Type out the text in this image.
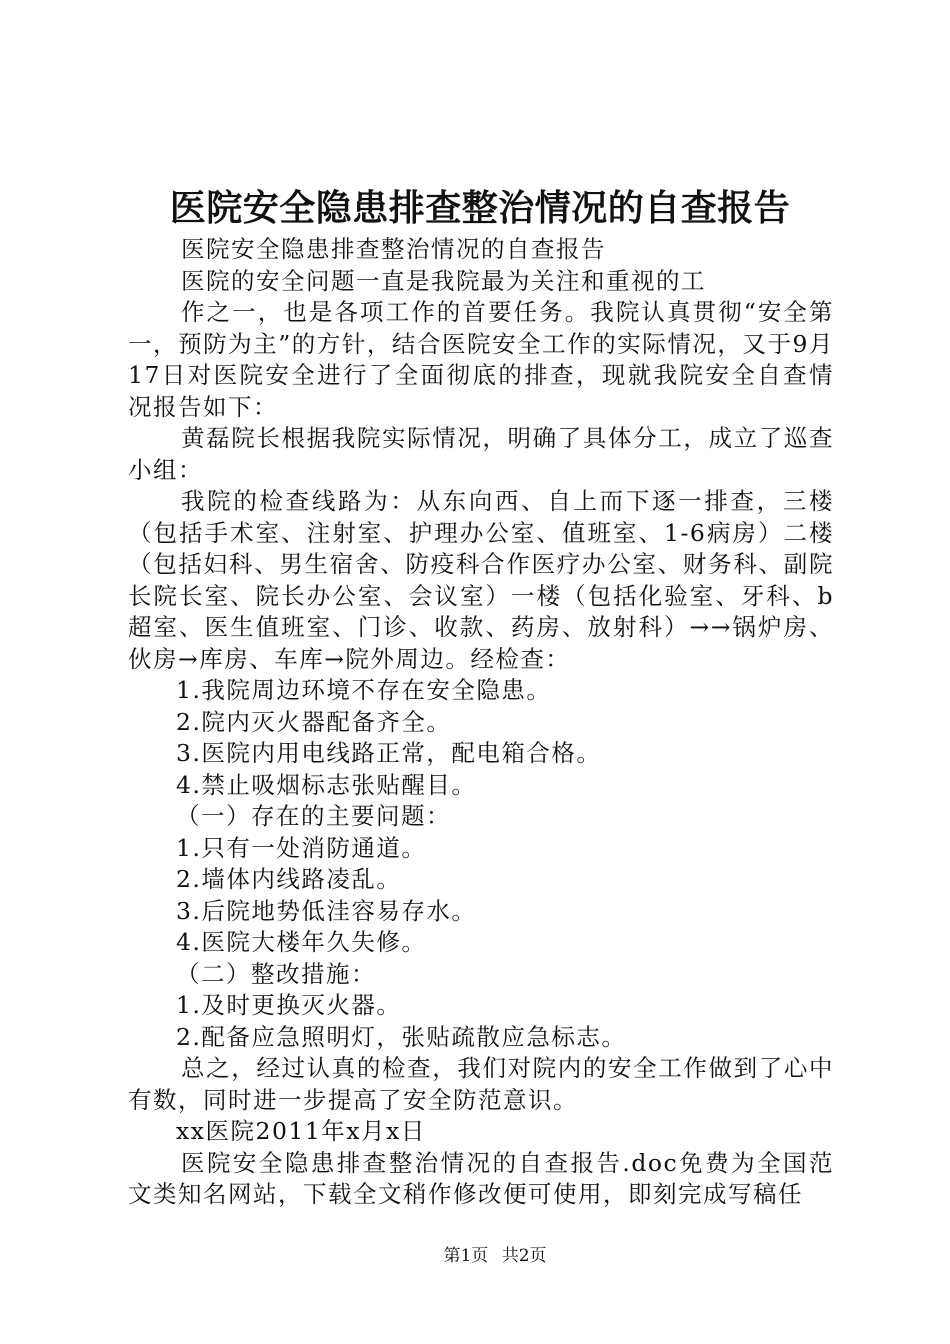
医院安全隐患排查整治情况的自查报告

医院安全隐患排查整治情况的自查报告

医院的安全问题一直是我院最为关注和重视的工

作之一，也是各项工作的首要任务。我院认真贯彻“安全第一，预防为主”的方针，结合医院安全工作的实际情况，又于9月17日对医院安全进行了全面彻底的排查，现就我院安全自查情况报告如下：

黄磊院长根据我院实际情况，明确了具体分工，成立了巡查小组：

我院的检查线路为：从东向西、自上而下逐一排查，三楼（包括手术室、注射室、护理办公室、值班室、1-6病房）二楼（包括妇科、男生宿舍、防疫科合作医疗办公室、财务科、副院长院长室、院长办公室、会议室）一楼（包括化验室、牙科、b超室、医生值班室、门诊、收款、药房、放射科）→→锅炉房、伙房→库房、车库→院外周边。经检查：

1.我院周边环境不存在安全隐患。

2.院内灭火器配备齐全。

3.医院内用电线路正常，配电箱合格。

4.禁止吸烟标志张贴醒目。

（一）存在的主要问题：

1.只有一处消防通道。

2.墙体内线路凌乱。

3.后院地势低洼容易存水。

4.医院大楼年久失修。

（二）整改措施：

1.及时更换灭火器。

2.配备应急照明灯，张贴疏散应急标志。

总之，经过认真的检查，我们对院内的安全工作做到了心中有数，同时进一步提高了安全防范意识。

xx医院2011年x月x日

医院安全隐患排查整治情况的自查报告.doc免费为全国范文类知名网站，下载全文稍作修改便可使用，即刻完成写稿任

第1页 共2页
